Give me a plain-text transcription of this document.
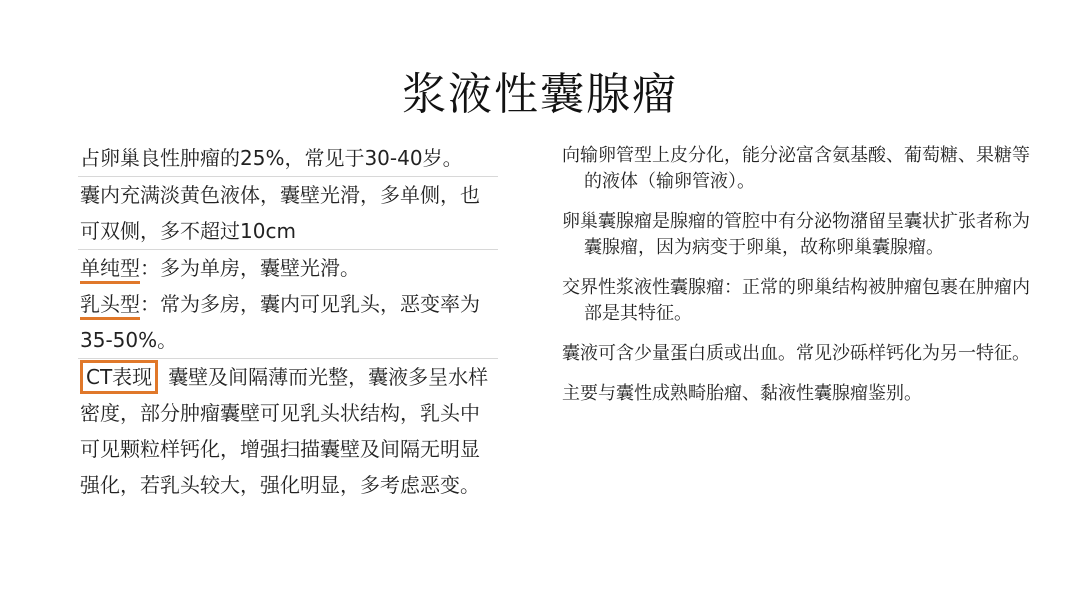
浆液性囊腺瘤
占卵巢良性肿瘤的25%，常见于30-40岁。
囊内充满淡黄色液体，囊壁光滑，多单侧，也可双侧，多不超过10cm
单纯型：多为单房，囊壁光滑。
乳头型：常为多房，囊内可见乳头，恶变率为35-50%。
CT表现 囊壁及间隔薄而光整，囊液多呈水样密度，部分肿瘤囊壁可见乳头状结构，乳头中可见颗粒样钙化，增强扫描囊壁及间隔无明显强化，若乳头较大，强化明显，多考虑恶变。

向输卵管型上皮分化，能分泌富含氨基酸、葡萄糖、果糖等的液体（输卵管液）。

卵巢囊腺瘤是腺瘤的管腔中有分泌物潴留呈囊状扩张者称为囊腺瘤，因为病变于卵巢，故称卵巢囊腺瘤。

交界性浆液性囊腺瘤：正常的卵巢结构被肿瘤包裹在肿瘤内部是其特征。

囊液可含少量蛋白质或出血。常见沙砾样钙化为另一特征。

主要与囊性成熟畸胎瘤、黏液性囊腺瘤鉴别。
